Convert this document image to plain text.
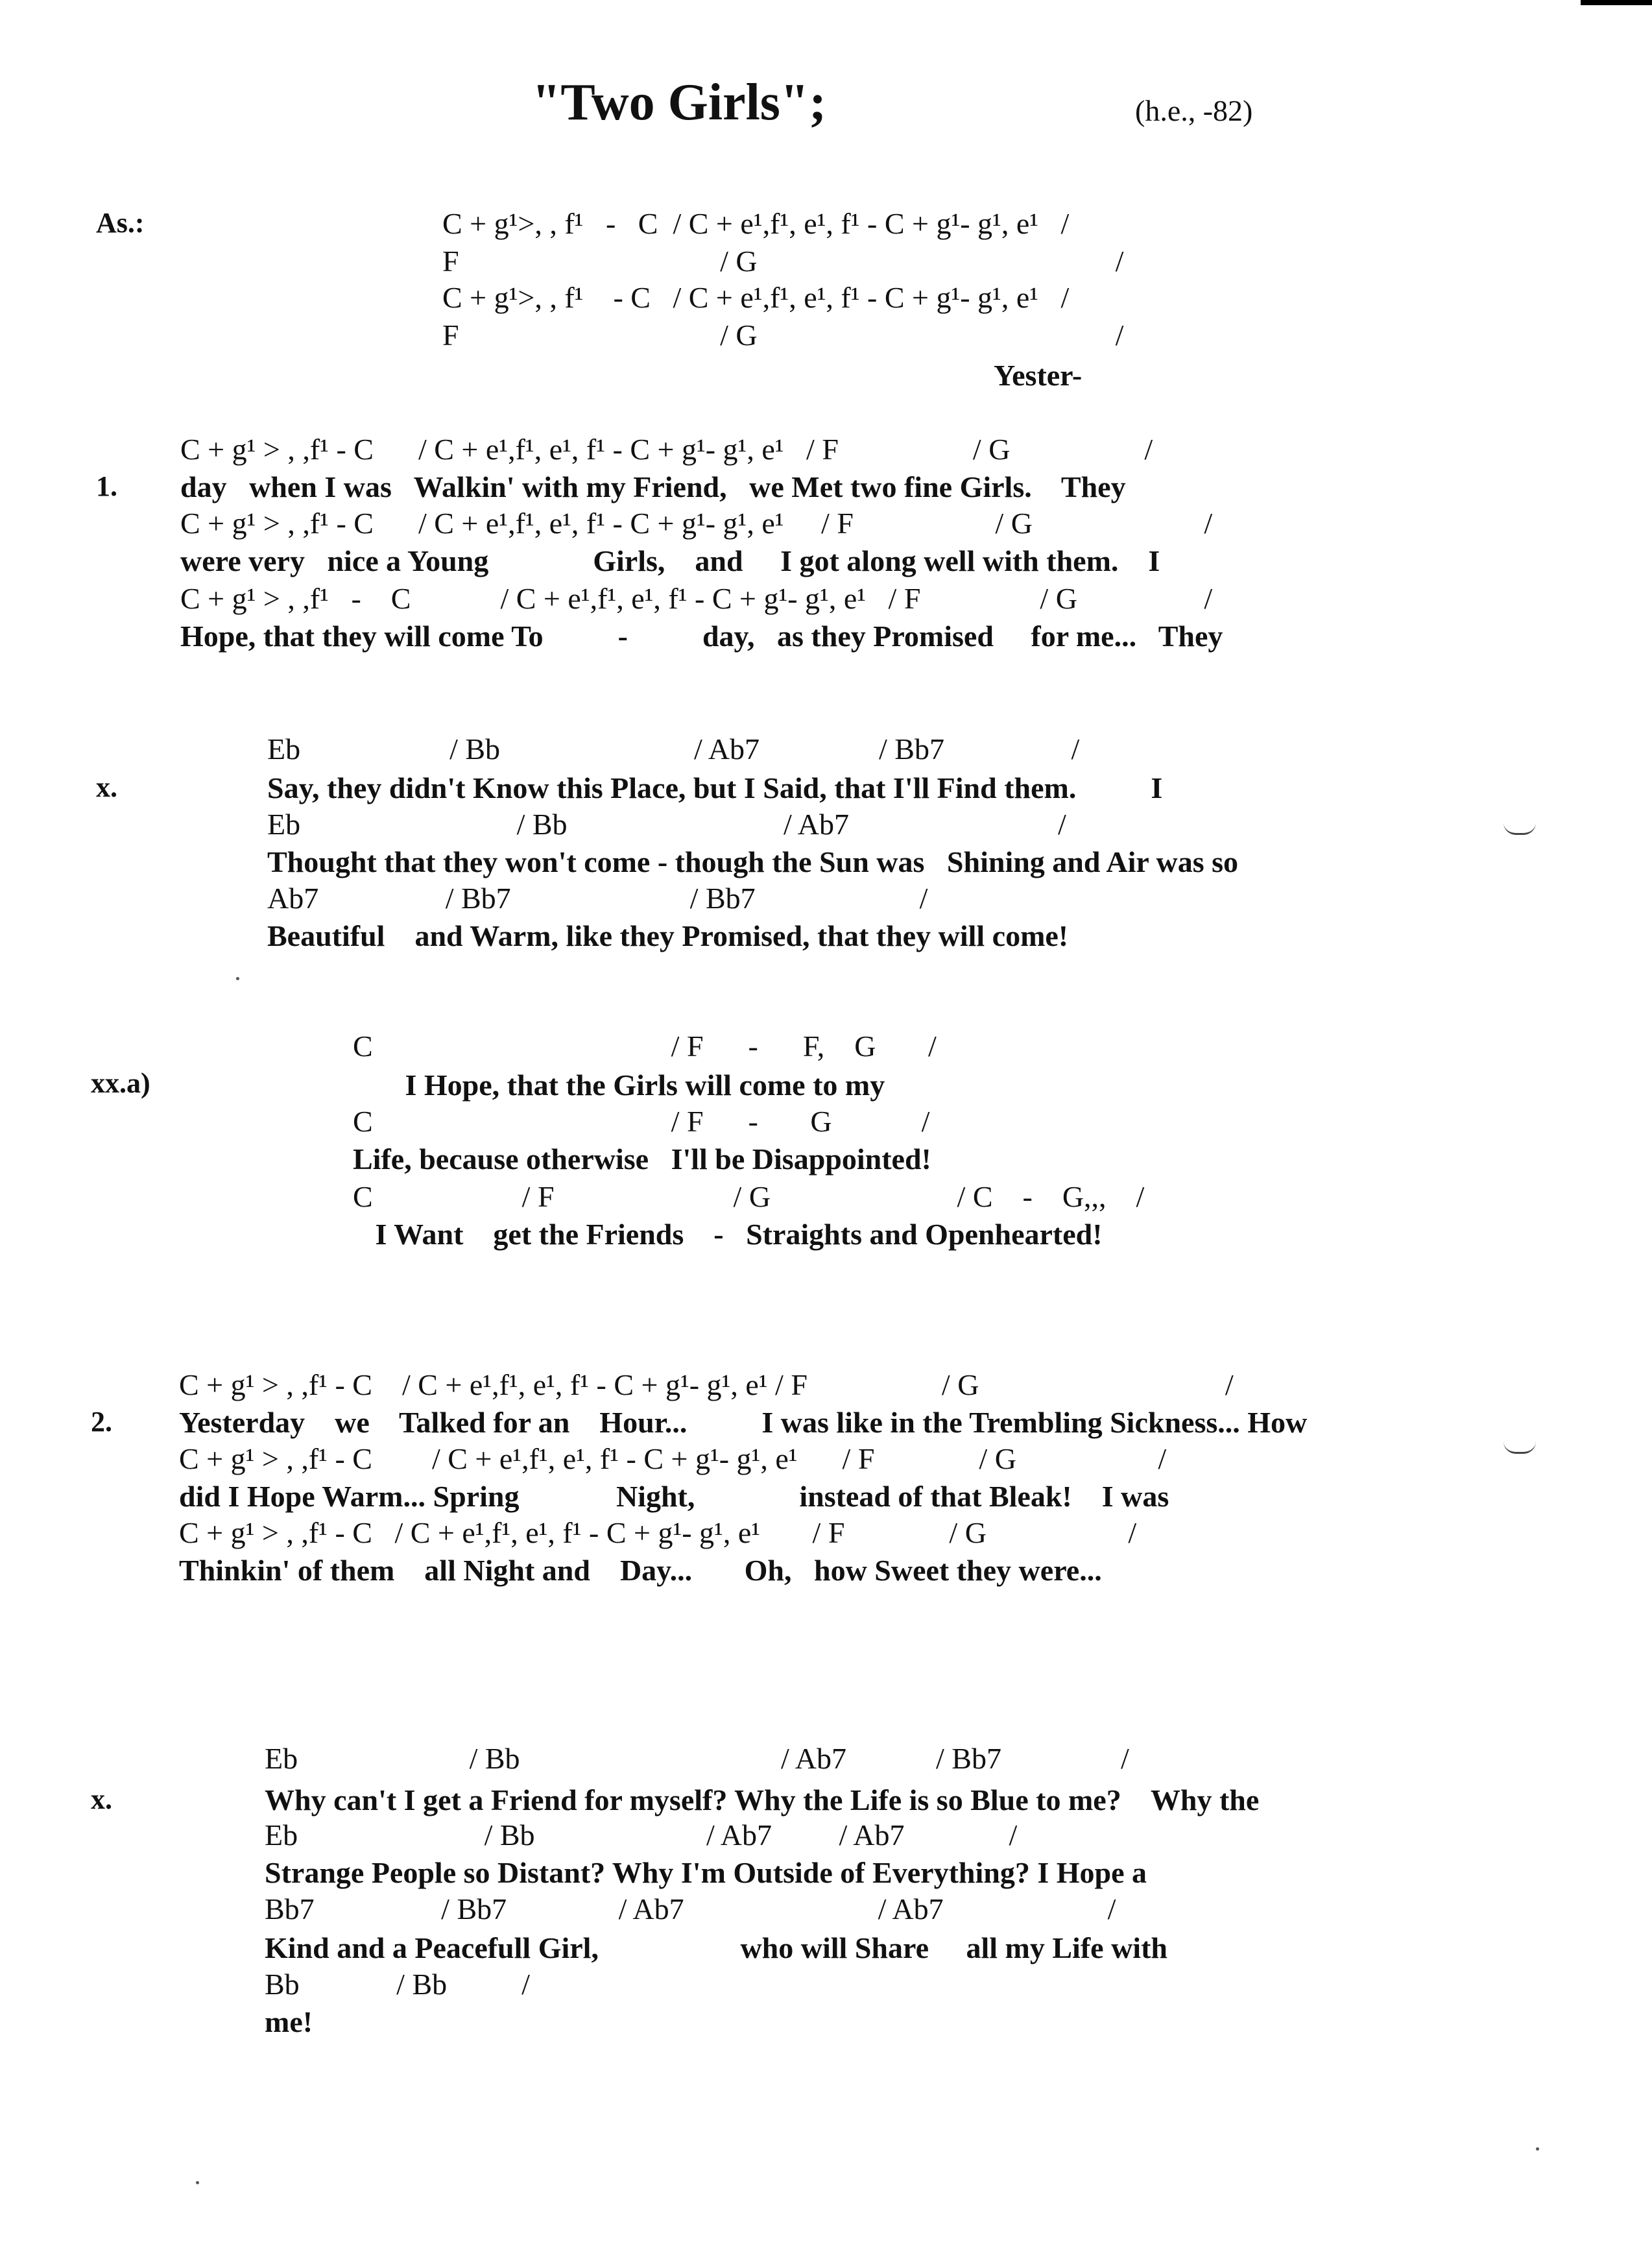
"Two Girls";	(h.e., -82)
As.:	C + g¹>, , f¹   -   C  / C + e¹,f¹, e¹, f¹ - C + g¹- g¹, e¹   /
F                                   / G                                                /
C + g¹>, , f¹    - C   / C + e¹,f¹, e¹, f¹ - C + g¹- g¹, e¹   /
F                                   / G                                                /
Yester-
1.
C + g¹ > , ,f¹ - C      / C + e¹,f¹, e¹, f¹ - C + g¹- g¹, e¹   / F                  / G                  /
day   when I was   Walkin' with my Friend,   we Met two fine Girls.    They
C + g¹ > , ,f¹ - C      / C + e¹,f¹, e¹, f¹ - C + g¹- g¹, e¹     / F                   / G                       /
were very   nice a Young              Girls,    and     I got along well with them.    I
C + g¹ > , ,f¹   -    C            / C + e¹,f¹, e¹, f¹ - C + g¹- g¹, e¹   / F                / G                 /
Hope, that they will come To          -          day,   as they Promised     for me...   They
x.
Eb                    / Bb                          / Ab7                / Bb7                 /
Say, they didn't Know this Place, but I Said, that I'll Find them.          I
Eb                             / Bb                             / Ab7                            /
Thought that they won't come - though the Sun was   Shining and Air was so
Ab7                 / Bb7                        / Bb7                      /
Beautiful    and Warm, like they Promised, that they will come!
xx.a)
C                                        / F      -      F,    G       /
I Hope, that the Girls will come to my
C                                        / F      -       G            /
Life, because otherwise   I'll be Disappointed!
C                    / F                        / G                         / C    -    G,,,    /
I Want    get the Friends    -   Straights and Openhearted!
2.
C + g¹ > , ,f¹ - C    / C + e¹,f¹, e¹, f¹ - C + g¹- g¹, e¹ / F                  / G                                 /
Yesterday    we    Talked for an    Hour...          I was like in the Trembling Sickness... How
C + g¹ > , ,f¹ - C        / C + e¹,f¹, e¹, f¹ - C + g¹- g¹, e¹      / F              / G                   /
did I Hope Warm... Spring             Night,              instead of that Bleak!    I was
C + g¹ > , ,f¹ - C   / C + e¹,f¹, e¹, f¹ - C + g¹- g¹, e¹       / F              / G                   /
Thinkin' of them    all Night and    Day...       Oh,   how Sweet they were...
x.
Eb                       / Bb                                   / Ab7            / Bb7                /
Why can't I get a Friend for myself? Why the Life is so Blue to me?    Why the
Eb                         / Bb                       / Ab7         / Ab7              /
Strange People so Distant? Why I'm Outside of Everything? I Hope a
Bb7                 / Bb7               / Ab7                          / Ab7                      /
Kind and a Peacefull Girl,                   who will Share     all my Life with
Bb             / Bb          /
me!
